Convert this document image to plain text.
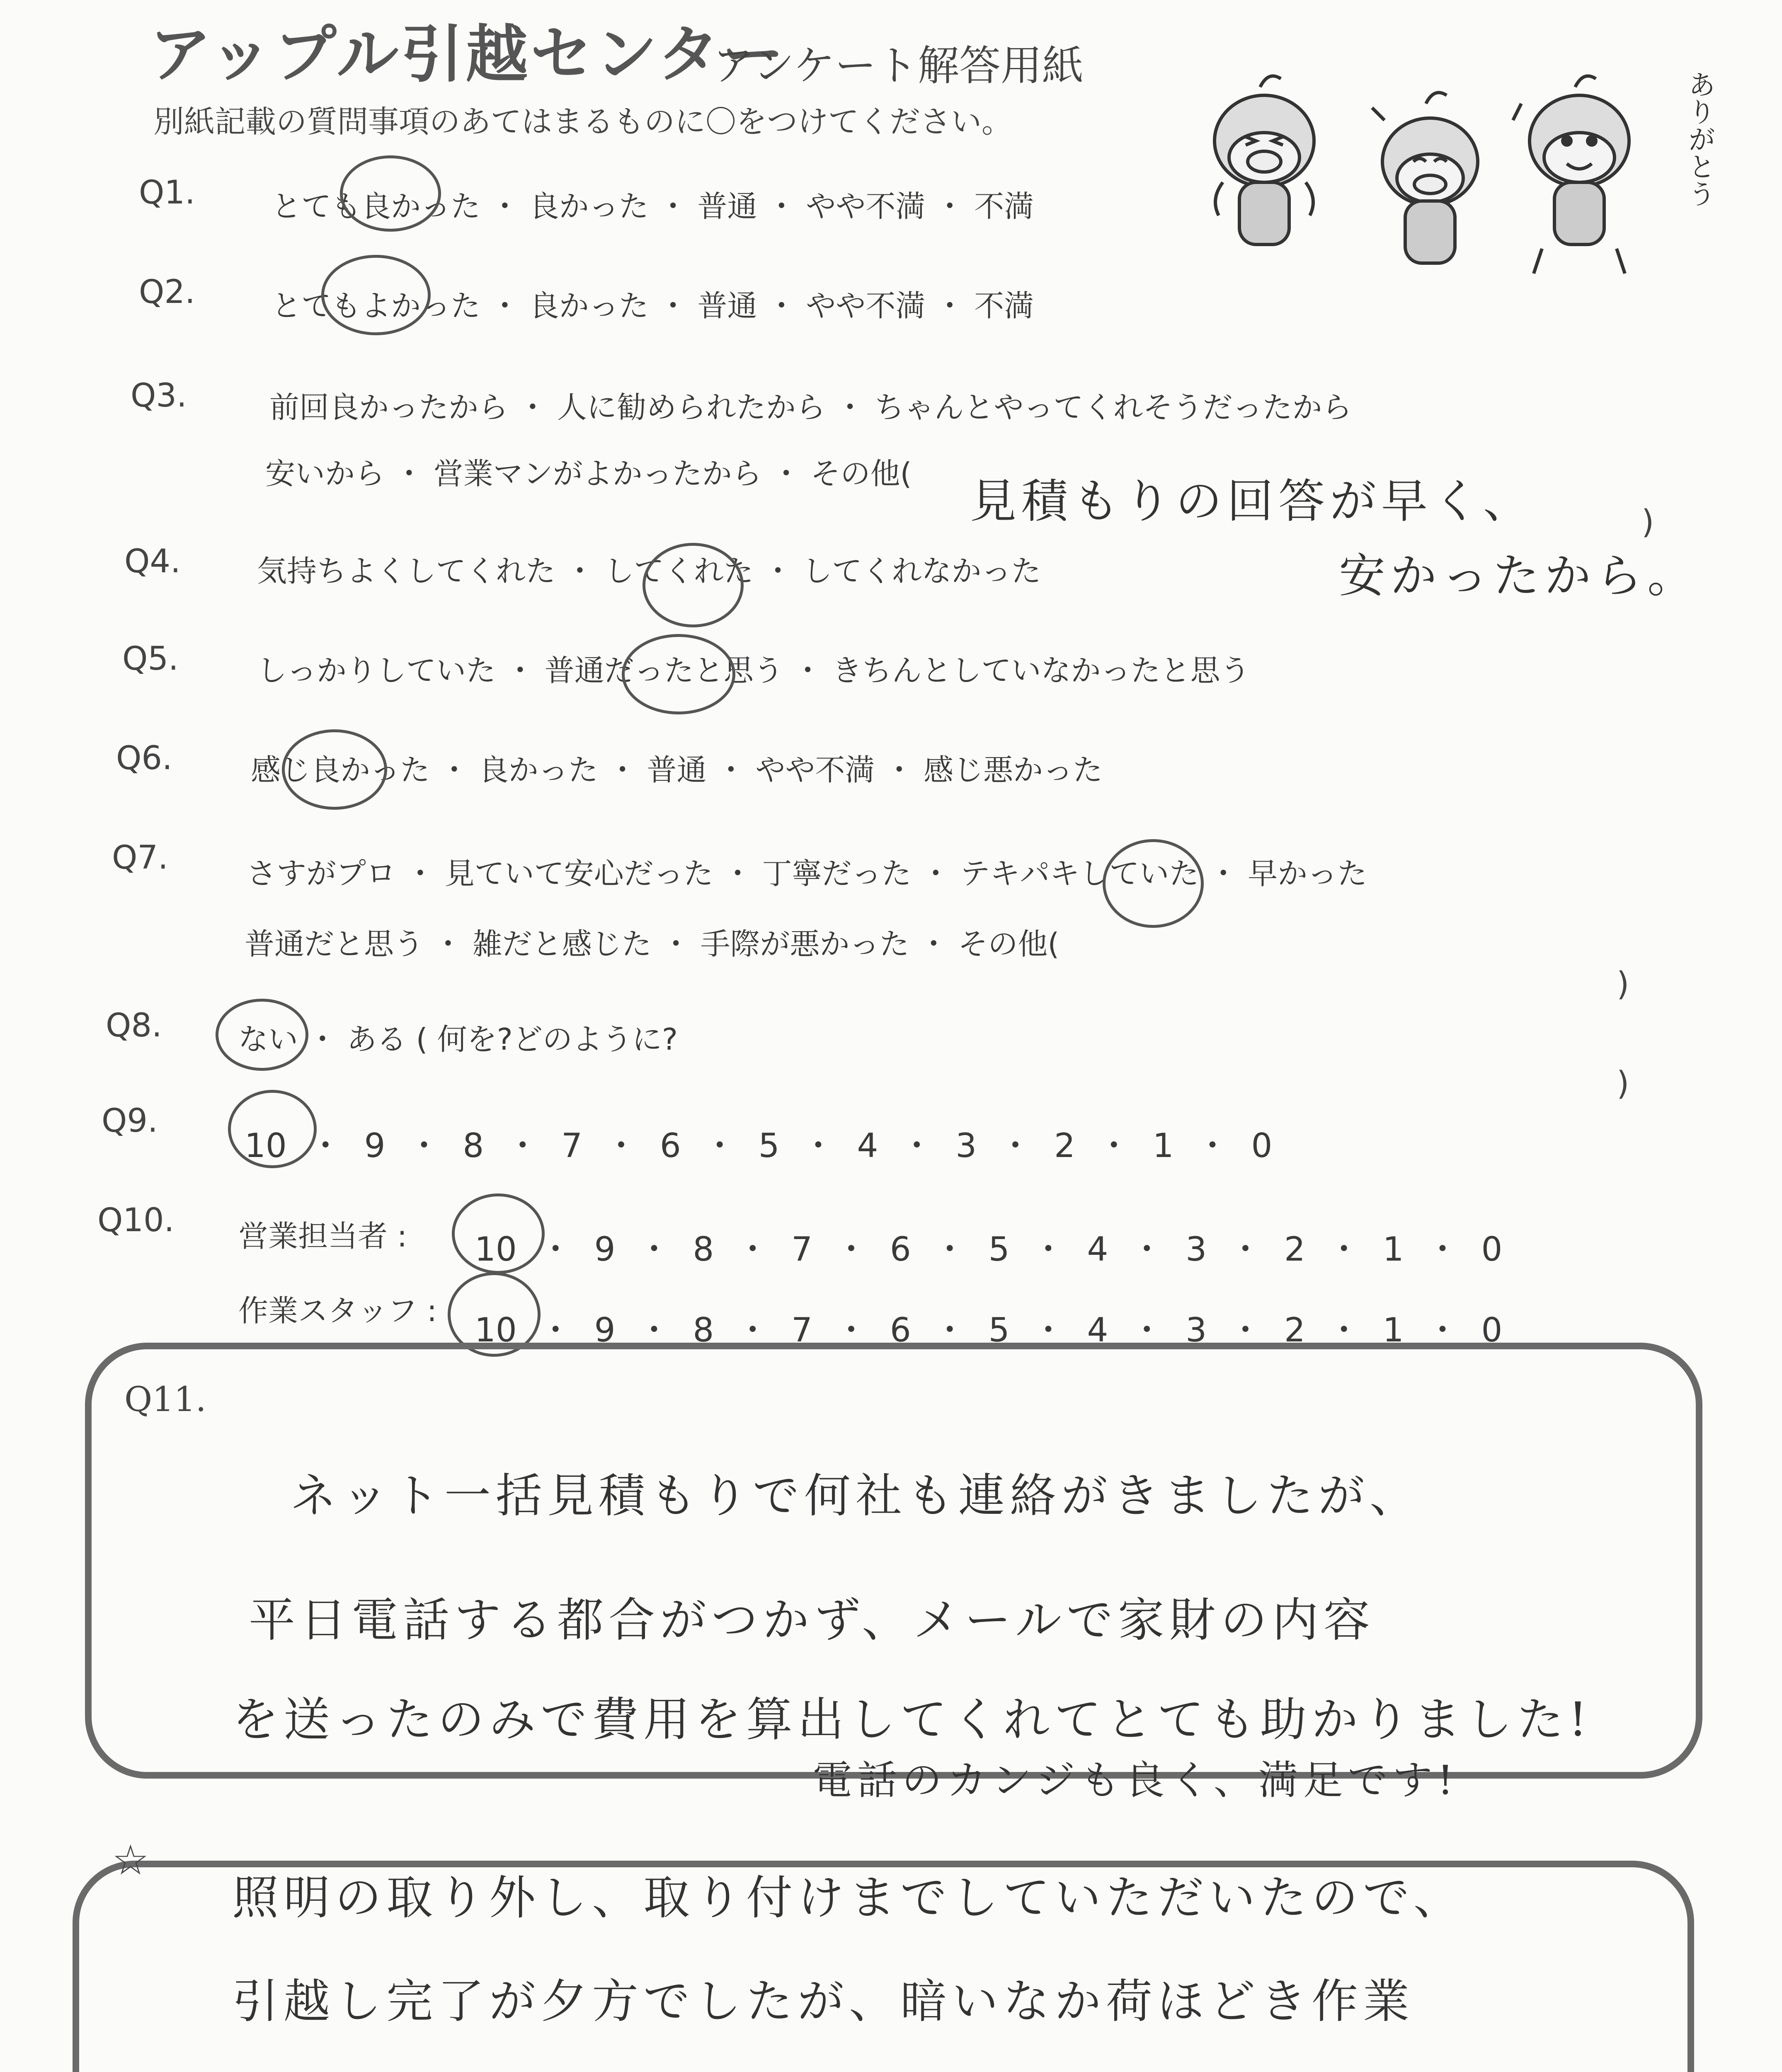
アップル引越センター
アンケート解答用紙
別紙記載の質問事項のあてはまるものに〇をつけてください。	ありがとう
Q1.	とても良かった ・ 良かった ・ 普通 ・ やや不満 ・ 不満
Q2.	とてもよかった ・ 良かった ・ 普通 ・ やや不満 ・ 不満
Q3.	前回良かったから ・ 人に勧められたから ・ ちゃんとやってくれそうだったから
安いから ・ 営業マンがよかったから ・ その他(
)
見積もりの回答が早く、
安かったから。
Q4.	気持ちよくしてくれた ・ してくれた ・ してくれなかった
Q5.	しっかりしていた ・ 普通だったと思う ・ きちんとしていなかったと思う
Q6.	感じ良かった ・ 良かった ・ 普通 ・ やや不満 ・ 感じ悪かった
Q7.	さすがプロ ・ 見ていて安心だった ・ 丁寧だった ・ テキパキしていた ・ 早かった
普通だと思う ・ 雑だと感じた ・ 手際が悪かった ・ その他(
)
Q8.	ない ・ ある ( 何を?どのように?
)
Q9.
10 ・ 9 ・ 8 ・ 7 ・ 6 ・ 5 ・ 4 ・ 3 ・ 2 ・ 1 ・ 0
Q10. 営業担当者 : 10 ・ 9 ・ 8 ・ 7 ・ 6 ・ 5 ・ 4 ・ 3 ・ 2 ・ 1 ・ 0
作業スタッフ : 10 ・ 9 ・ 8 ・ 7 ・ 6 ・ 5 ・ 4 ・ 3 ・ 2 ・ 1 ・ 0
Q11.
ネット一括見積もりで何社も連絡がきましたが、
平日電話する都合がつかず、メールで家財の内容
を送ったのみで費用を算出してくれてとても助かりました!
電話のカンジも良く、満足です!
☆
照明の取り外し、取り付けまでしていただいたので、
引越し完了が夕方でしたが、暗いなか荷ほどき作業
